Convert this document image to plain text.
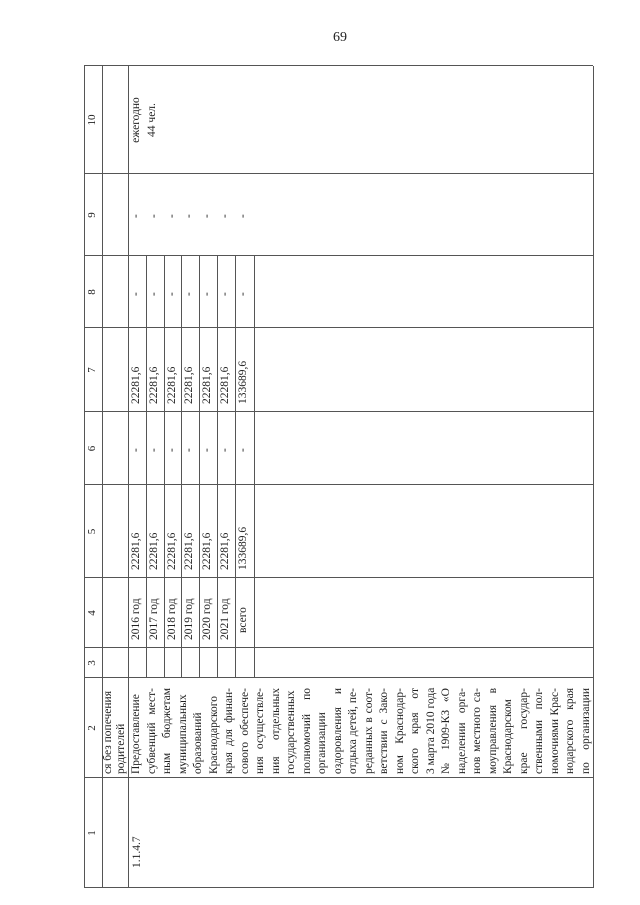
69
1
2
3
4
5
6
7
8
9
10
ся без попечения родителей
1.1.4.7
Предоставление субвенций мест- ным бюджетам муниципальных образований Краснодарского края для финан- сового обеспече- ния осуществле- ния отдельных государственных полномочий по организации оздоровления и отдыха детей, пе- реданных в соот- ветствии с Зако- ном Краснодар- ского края от 3 марта 2010 года № 1909-КЗ «О наделении орга- нов местного са- моуправления в Краснодарском крае государ- ственными пол- номочиями Крас- нодарского края по организации
2016 год 2017 год 2018 год 2019 год 2020 год 2021 год всего
22281,6 22281,6 22281,6 22281,6 22281,6 22281,6 133689,6
- - - - - - -
22281,6 22281,6 22281,6 22281,6 22281,6 22281,6 133689,6
- - - - - - -
- - - - - - -
ежегодно 44 чел.
